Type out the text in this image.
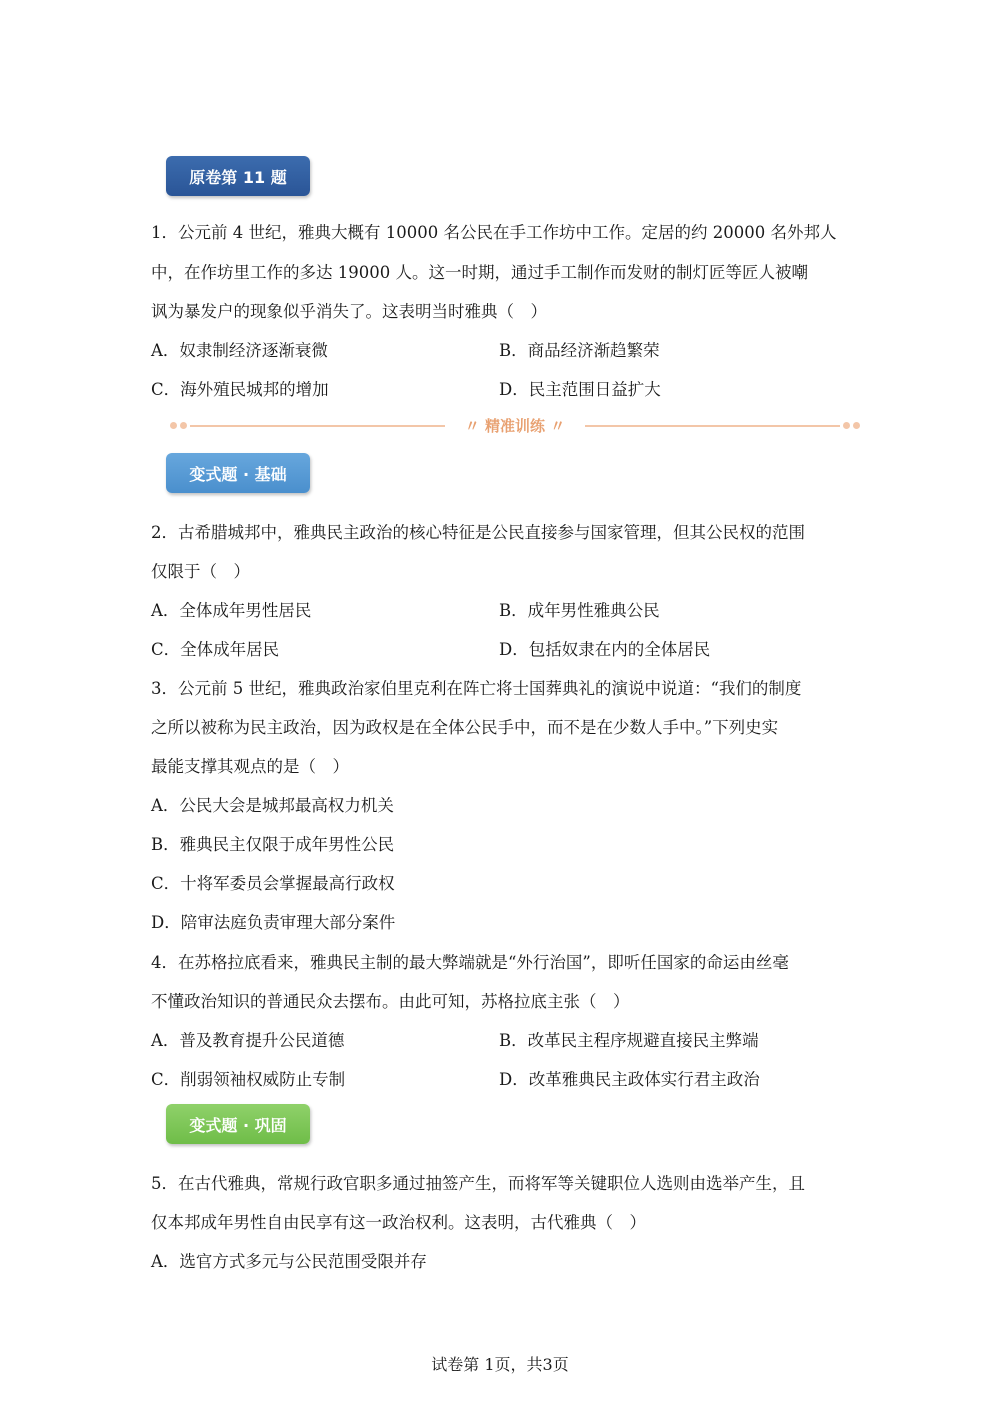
原卷第 11 题
1．公元前 4 世纪，雅典大概有 10000 名公民在手工作坊中工作。定居的约 20000 名外邦人
中，在作坊里工作的多达 19000 人。这一时期，通过手工制作而发财的制灯匠等匠人被嘲
讽为暴发户的现象似乎消失了。这表明当时雅典（　）
A．奴隶制经济逐渐衰微	B．商品经济渐趋繁荣
C．海外殖民城邦的增加	D．民主范围日益扩大
〃 精准训练 〃
变式题 · 基础
2．古希腊城邦中，雅典民主政治的核心特征是公民直接参与国家管理，但其公民权的范围
仅限于（　）
A．全体成年男性居民	B．成年男性雅典公民
C．全体成年居民	D．包括奴隶在内的全体居民
3．公元前 5 世纪，雅典政治家伯里克利在阵亡将士国葬典礼的演说中说道：“我们的制度
之所以被称为民主政治，因为政权是在全体公民手中，而不是在少数人手中。”下列史实
最能支撑其观点的是（　）
A．公民大会是城邦最高权力机关
B．雅典民主仅限于成年男性公民
C．十将军委员会掌握最高行政权
D．陪审法庭负责审理大部分案件
4．在苏格拉底看来，雅典民主制的最大弊端就是“外行治国”，即听任国家的命运由丝毫
不懂政治知识的普通民众去摆布。由此可知，苏格拉底主张（　）
A．普及教育提升公民道德	B．改革民主程序规避直接民主弊端
C．削弱领袖权威防止专制	D．改革雅典民主政体实行君主政治
变式题 · 巩固
5．在古代雅典，常规行政官职多通过抽签产生，而将军等关键职位人选则由选举产生，且
仅本邦成年男性自由民享有这一政治权利。这表明，古代雅典（　）
A．选官方式多元与公民范围受限并存
试卷第 1页，共3页
